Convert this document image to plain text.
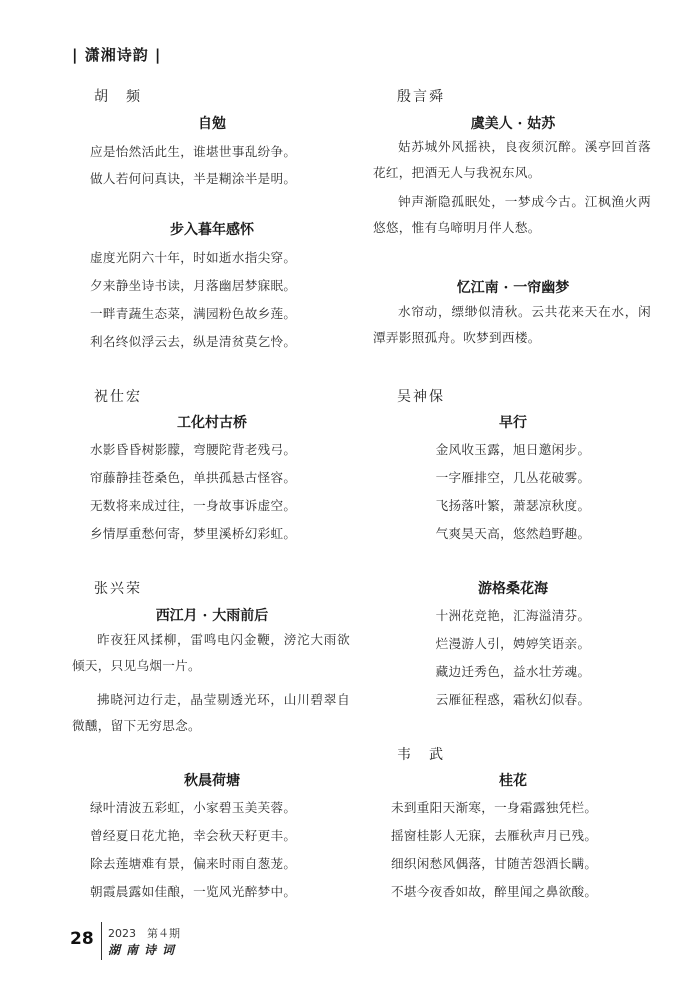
| 潇湘诗韵 |
胡　频
自勉
应是怡然活此生，谁堪世事乱纷争。
做人若何问真诀，半是糊涂半是明。
步入暮年感怀
虚度光阴六十年，时如逝水指尖穿。
夕来静坐诗书读，月落幽居梦寐眠。
一畔青蔬生态菜，满园粉色故乡莲。
利名终似浮云去，纵是清贫莫乞怜。
祝仕宏
工化村古桥
水影昏昏树影朦，弯腰陀背老残弓。
帘藤静挂苍桑色，单拱孤悬古怪容。
无数将来成过往，一身故事诉虚空。
乡情厚重愁何寄，梦里溪桥幻彩虹。
张兴荣
西江月 · 大雨前后
昨夜狂风揉柳，雷鸣电闪金鞭，滂沱大雨欲倾天，只见乌烟一片。
拂晓河边行走，晶莹剔透光环，山川碧翠自微醺，留下无穷思念。
秋晨荷塘
绿叶清波五彩虹，小家碧玉美芙蓉。
曾经夏日花尤艳，幸会秋天籽更丰。
除去莲塘难有景，偏来时雨自葱茏。
朝霞晨露如佳酿，一览风光醉梦中。
殷言舜
虞美人 · 姑苏
姑苏城外风摇袂，良夜须沉醉。溪亭回首落花红，把酒无人与我祝东风。
钟声渐隐孤眠处，一梦成今古。江枫渔火两悠悠，惟有乌啼明月伴人愁。
忆江南 · 一帘幽梦
水帘动，缥缈似清秋。云共花来天在水，闲潭弄影照孤舟。吹梦到西楼。
吴神保
早行
金风收玉露，旭日邀闲步。
一字雁排空，几丛花破雾。
飞扬落叶繁，萧瑟凉秋度。
气爽昊天高，悠然趋野趣。
游格桑花海
十洲花竞艳，汇海溢清芬。
烂漫游人引，娉婷笑语亲。
藏边迁秀色，益水壮芳魂。
云雁征程惑，霜秋幻似春。
韦　武
桂花
未到重阳天渐寒，一身霜露独凭栏。
摇窗桂影人无寐，去雁秋声月已残。
细织闲愁风偶落，甘随苦怨酒长瞒。
不堪今夜香如故，醉里闻之鼻欲酸。
28 2023　第４期
湖南诗词
